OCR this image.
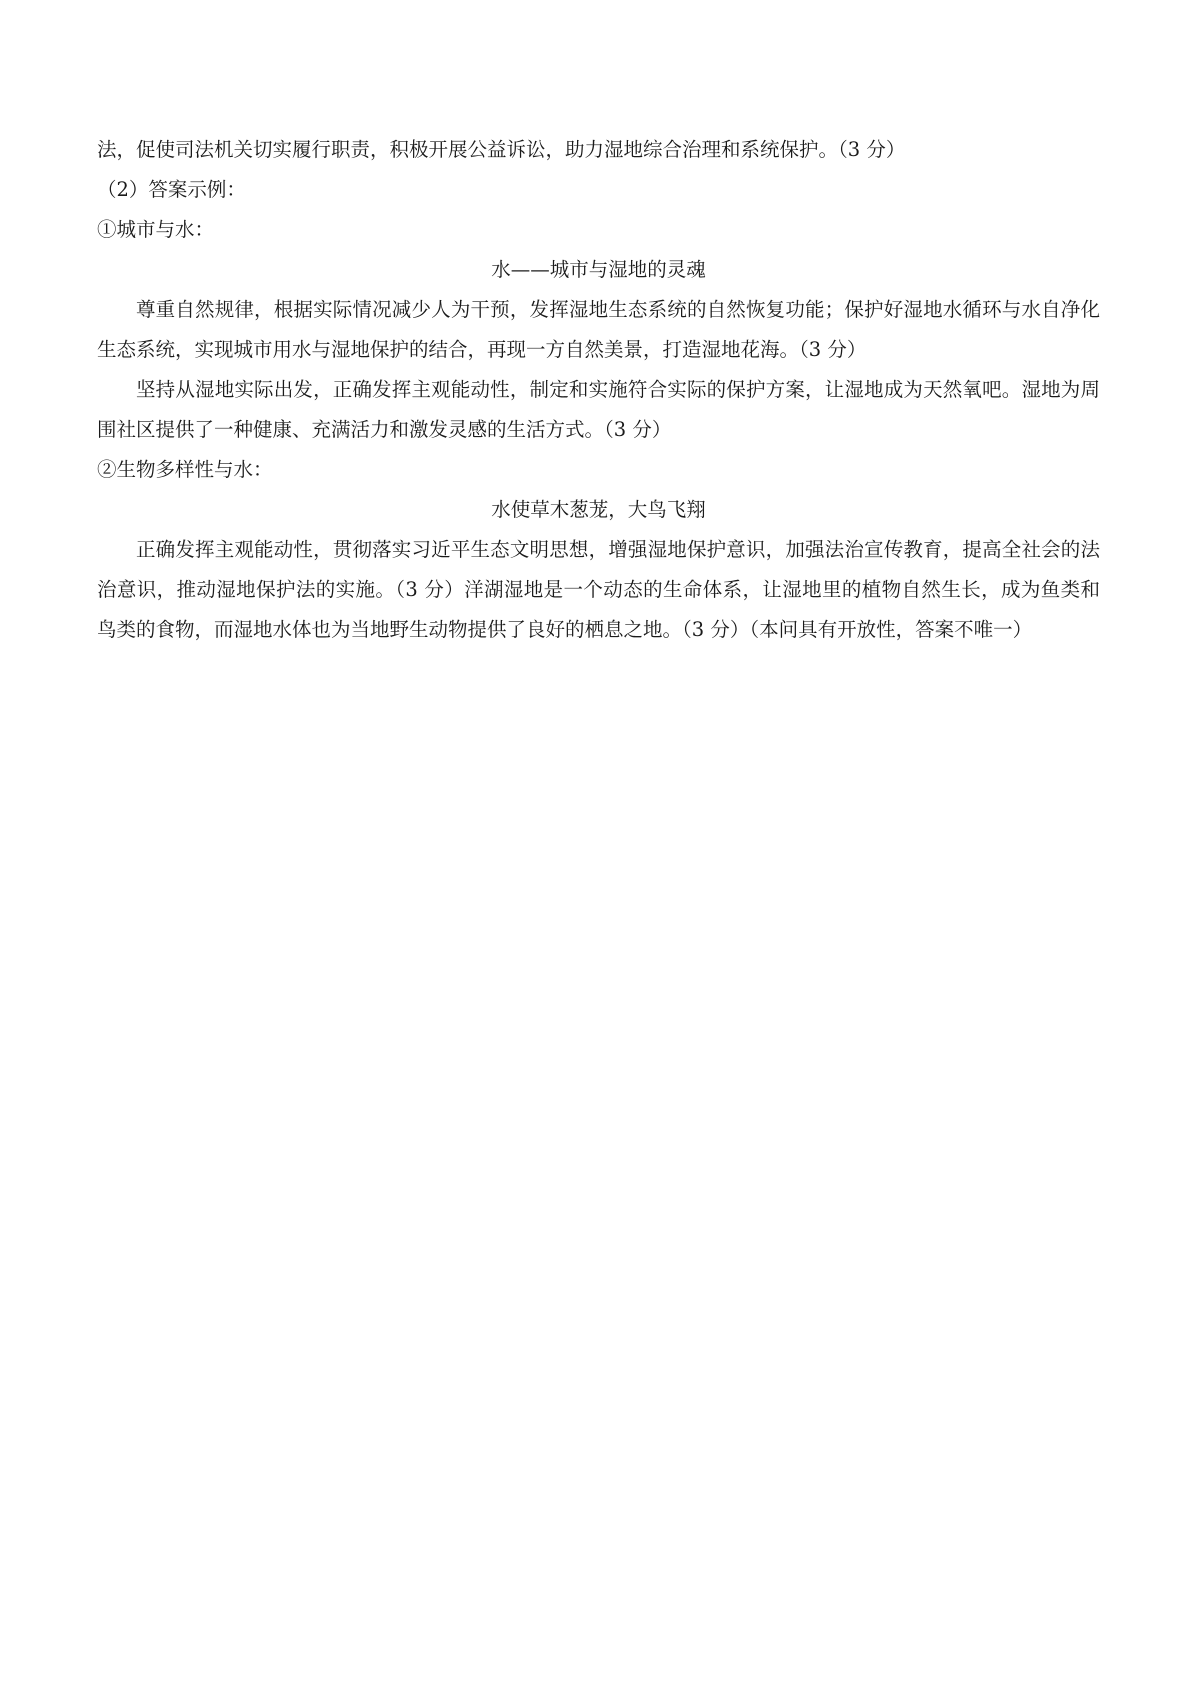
法，促使司法机关切实履行职责，积极开展公益诉讼，助力湿地综合治理和系统保护。（3 分）

（2）答案示例：

①城市与水：

水——城市与湿地的灵魂

尊重自然规律，根据实际情况减少人为干预，发挥湿地生态系统的自然恢复功能；保护好湿地水循环与水自净化生态系统，实现城市用水与湿地保护的结合，再现一方自然美景，打造湿地花海。（3 分）

坚持从湿地实际出发，正确发挥主观能动性，制定和实施符合实际的保护方案，让湿地成为天然氧吧。湿地为周围社区提供了一种健康、充满活力和激发灵感的生活方式。（3 分）

②生物多样性与水：

水使草木葱茏，大鸟飞翔

正确发挥主观能动性，贯彻落实习近平生态文明思想，增强湿地保护意识，加强法治宣传教育，提高全社会的法治意识，推动湿地保护法的实施。（3 分）洋湖湿地是一个动态的生命体系，让湿地里的植物自然生长，成为鱼类和鸟类的食物，而湿地水体也为当地野生动物提供了良好的栖息之地。（3 分）（本问具有开放性，答案不唯一）
